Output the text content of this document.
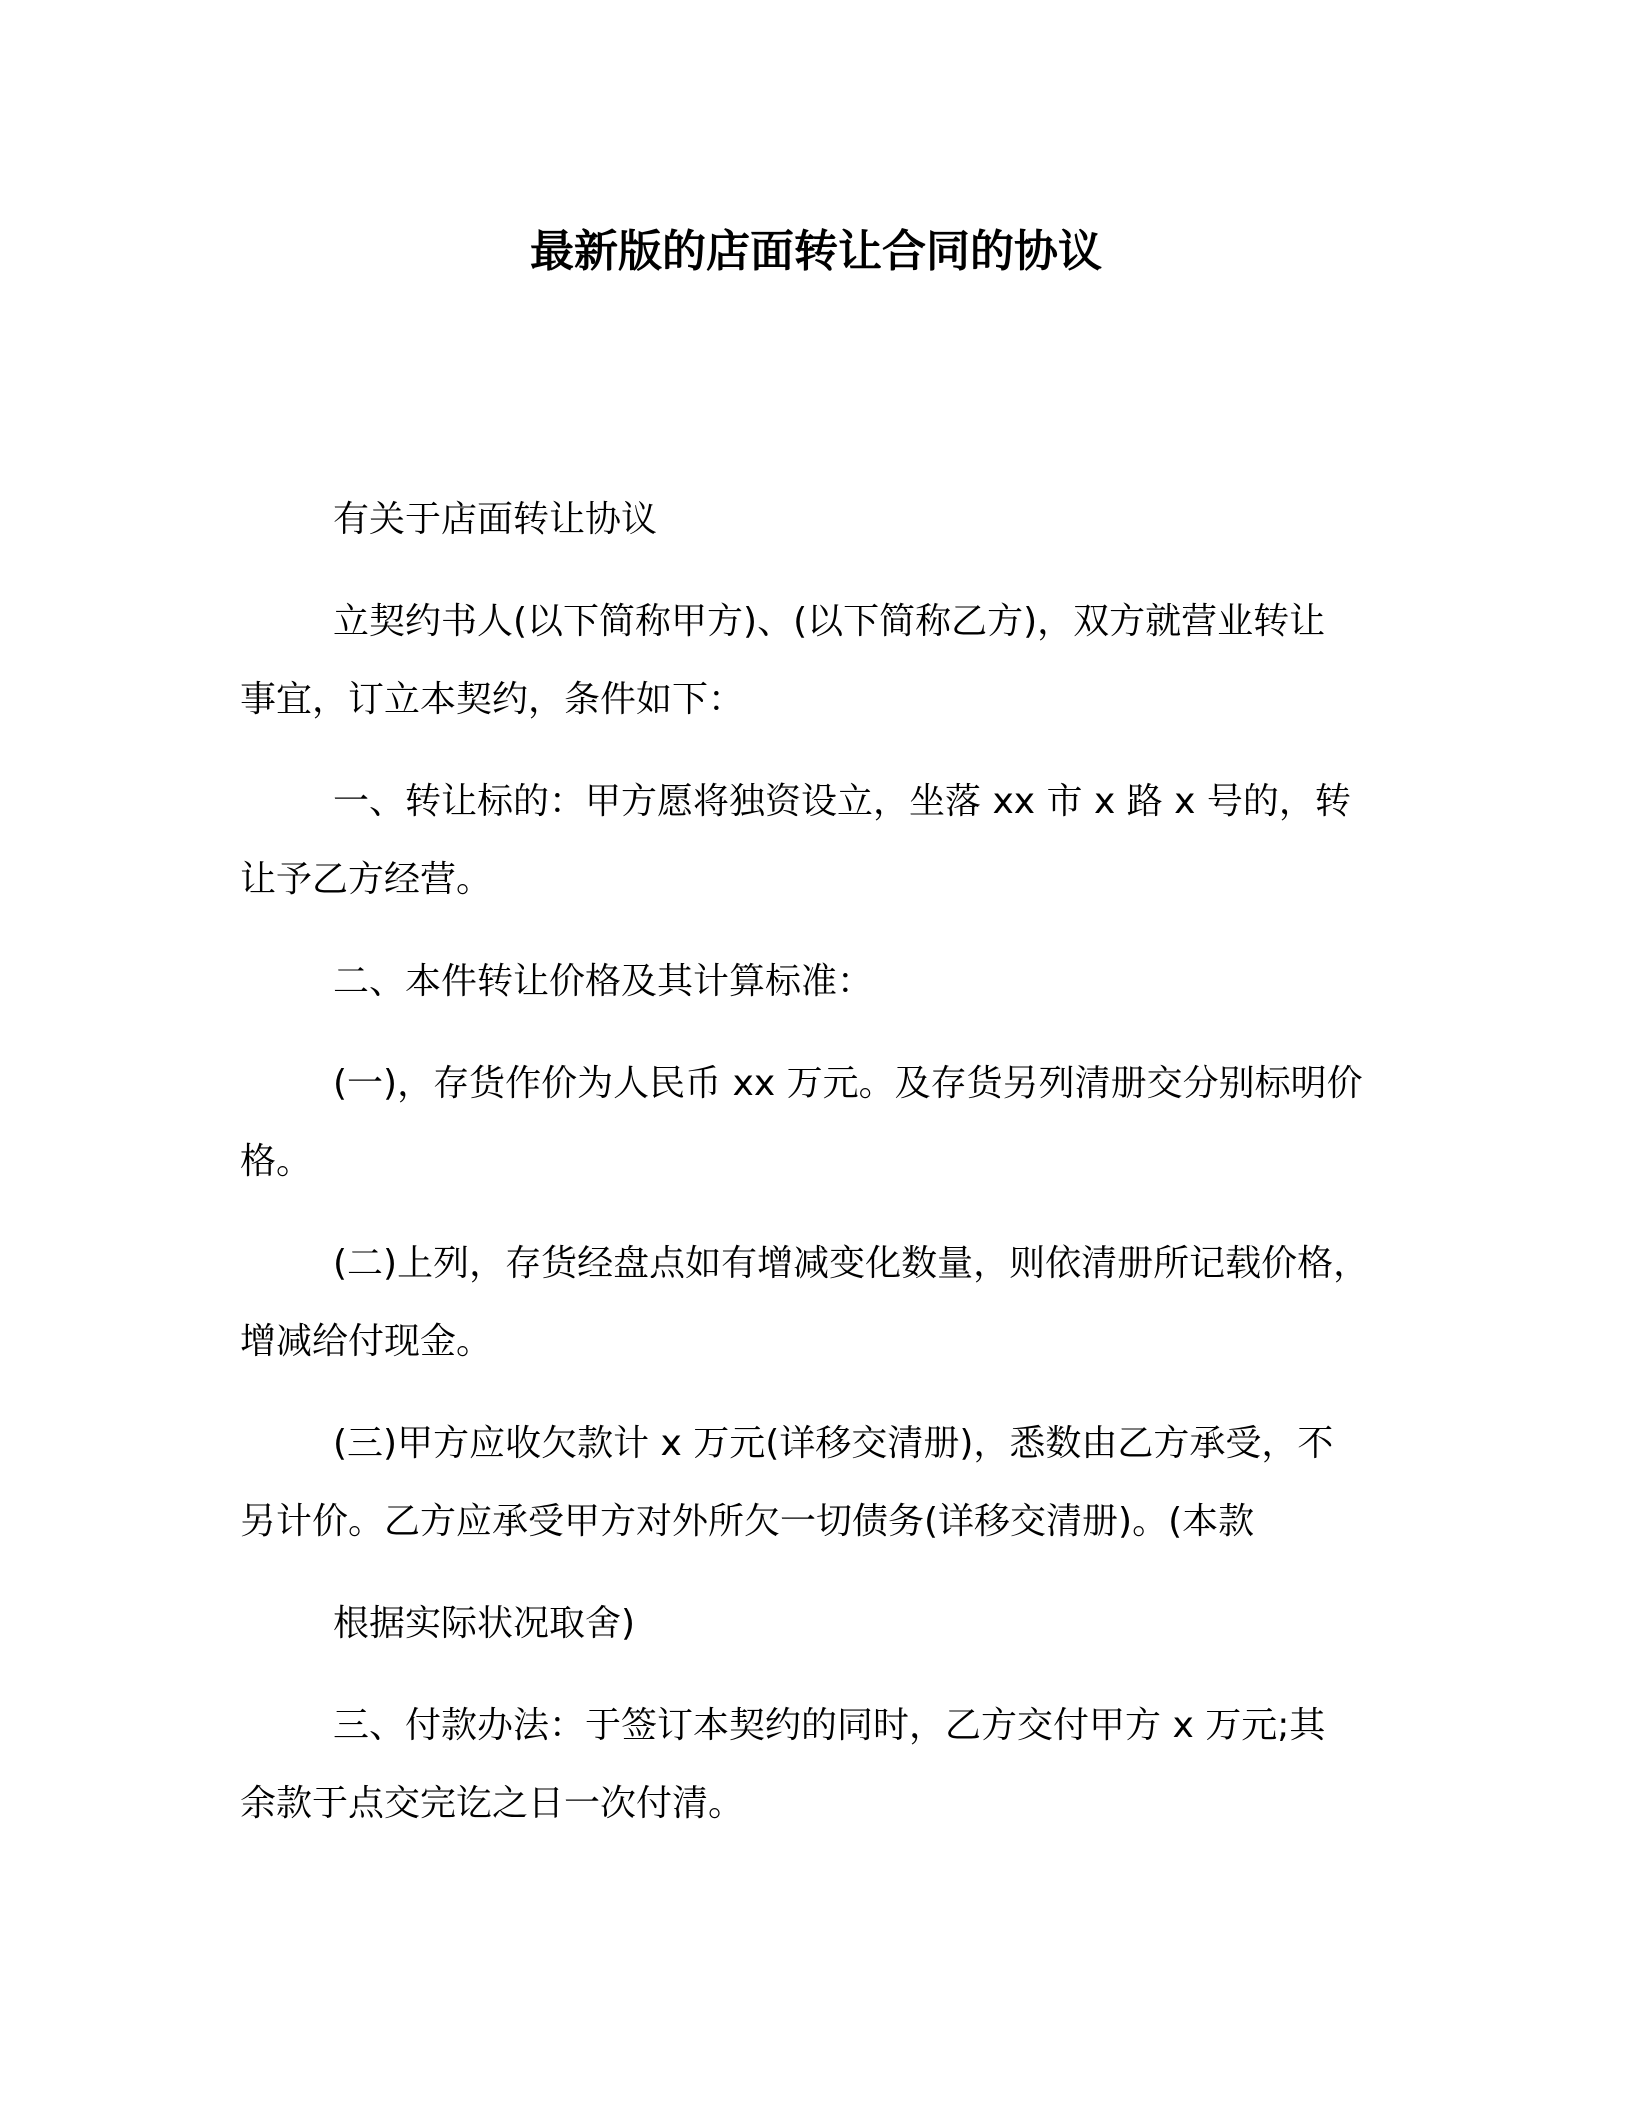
最新版的店面转让合同的协议
有关于店面转让协议
立契约书人(以下简称甲方)、(以下简称乙方)，双方就营业转让
事宜，订立本契约，条件如下：
一、转让标的：甲方愿将独资设立，坐落 xx 市 x 路 x 号的，转
让予乙方经营。
二、本件转让价格及其计算标准：
(一)，存货作价为人民币 xx 万元。及存货另列清册交分别标明价
格。
(二)上列，存货经盘点如有增减变化数量，则依清册所记载价格，
增减给付现金。
(三)甲方应收欠款计 x 万元(详移交清册)，悉数由乙方承受，不
另计价。乙方应承受甲方对外所欠一切债务(详移交清册)。(本款
根据实际状况取舍)
三、付款办法：于签订本契约的同时，乙方交付甲方 x 万元;其
余款于点交完讫之日一次付清。
